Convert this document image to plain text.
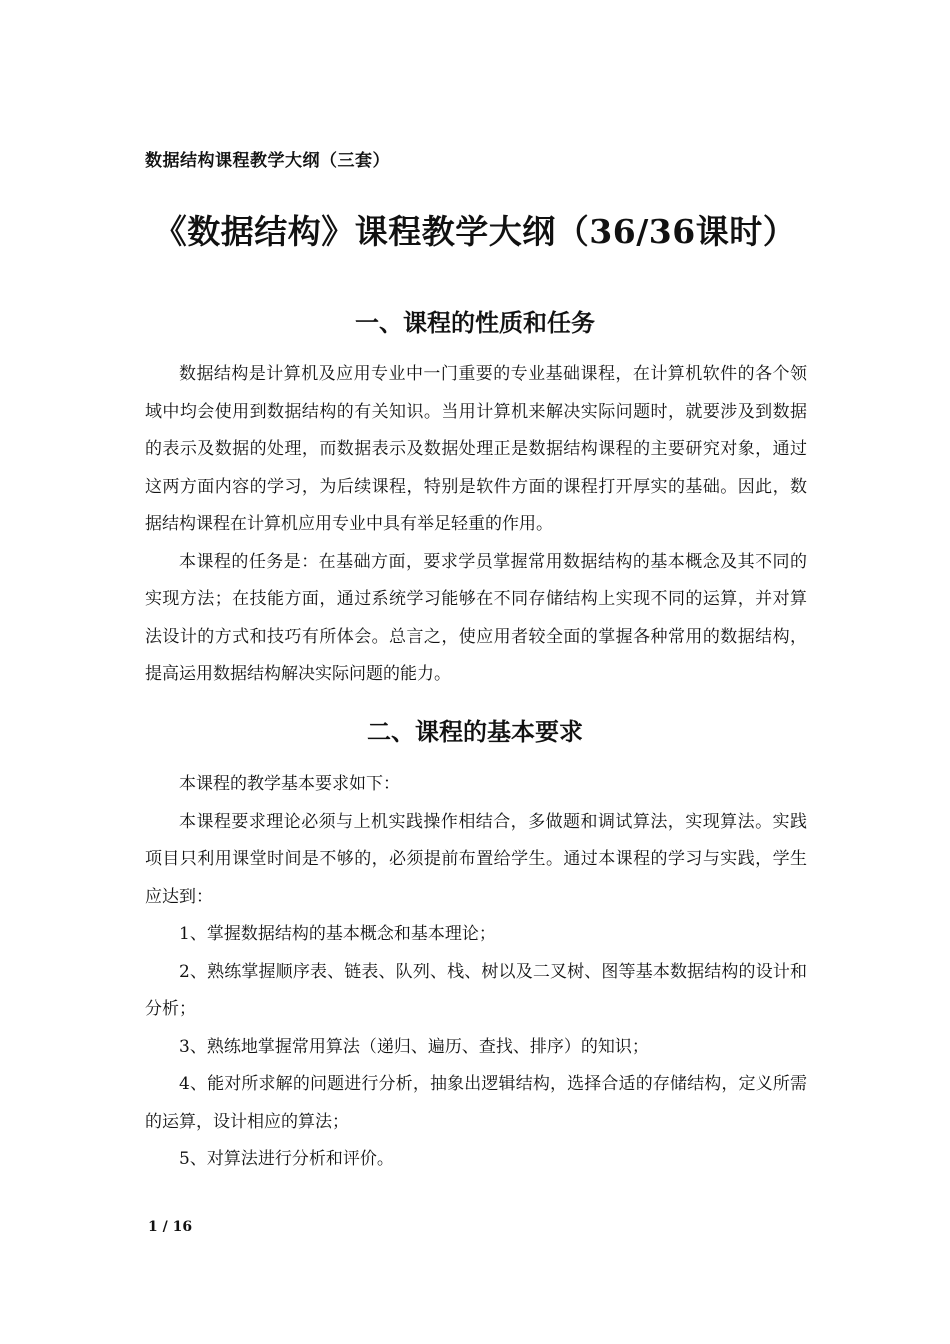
数据结构课程教学大纲（三套）
《数据结构》课程教学大纲（36/36课时）
一、课程的性质和任务

数据结构是计算机及应用专业中一门重要的专业基础课程，在计算机软件的各个领域中均会使用到数据结构的有关知识。当用计算机来解决实际问题时，就要涉及到数据的表示及数据的处理，而数据表示及数据处理正是数据结构课程的主要研究对象，通过这两方面内容的学习，为后续课程，特别是软件方面的课程打开厚实的基础。因此，数据结构课程在计算机应用专业中具有举足轻重的作用。

本课程的任务是：在基础方面，要求学员掌握常用数据结构的基本概念及其不同的实现方法；在技能方面，通过系统学习能够在不同存储结构上实现不同的运算，并对算法设计的方式和技巧有所体会。总言之，使应用者较全面的掌握各种常用的数据结构，提高运用数据结构解决实际问题的能力。

二、课程的基本要求

本课程的教学基本要求如下：

本课程要求理论必须与上机实践操作相结合，多做题和调试算法，实现算法。实践项目只利用课堂时间是不够的，必须提前布置给学生。通过本课程的学习与实践，学生应达到：

1、掌握数据结构的基本概念和基本理论；

2、熟练掌握顺序表、链表、队列、栈、树以及二叉树、图等基本数据结构的设计和分析；

3、熟练地掌握常用算法（递归、遍历、查找、排序）的知识；

4、能对所求解的问题进行分析，抽象出逻辑结构，选择合适的存储结构，定义所需的运算，设计相应的算法；

5、对算法进行分析和评价。

1 / 16
